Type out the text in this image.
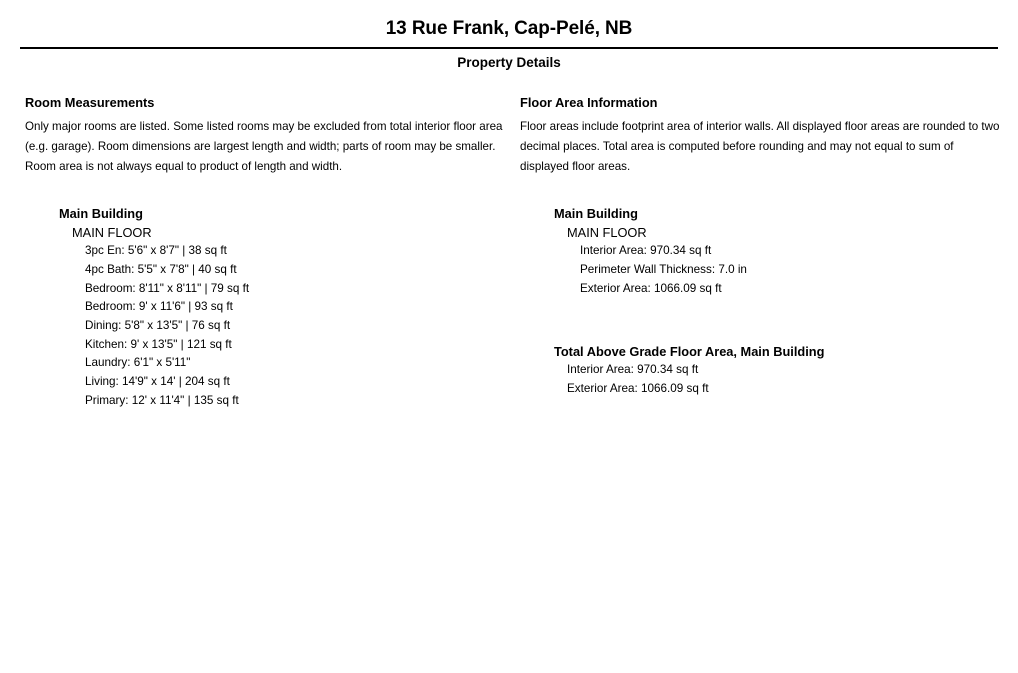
13 Rue Frank, Cap-Pelé, NB
Property Details
Room Measurements

Only major rooms are listed. Some listed rooms may be excluded from total interior floor area (e.g. garage). Room dimensions are largest length and width; parts of room may be smaller. Room area is not always equal to product of length and width.

Main Building
MAIN FLOOR
3pc En: 5'6" x 8'7" | 38 sq ft
4pc Bath: 5'5" x 7'8" | 40 sq ft
Bedroom: 8'11" x 8'11" | 79 sq ft
Bedroom: 9' x 11'6" | 93 sq ft
Dining: 5'8" x 13'5" | 76 sq ft
Kitchen: 9' x 13'5" | 121 sq ft
Laundry: 6'1" x 5'11"
Living: 14'9" x 14' | 204 sq ft
Primary: 12' x 11'4" | 135 sq ft
Floor Area Information

Floor areas include footprint area of interior walls. All displayed floor areas are rounded to two decimal places. Total area is computed before rounding and may not equal to sum of displayed floor areas.

Main Building
MAIN FLOOR
Interior Area: 970.34 sq ft
Perimeter Wall Thickness: 7.0 in
Exterior Area: 1066.09 sq ft
Total Above Grade Floor Area, Main Building
Interior Area: 970.34 sq ft
Exterior Area: 1066.09 sq ft
